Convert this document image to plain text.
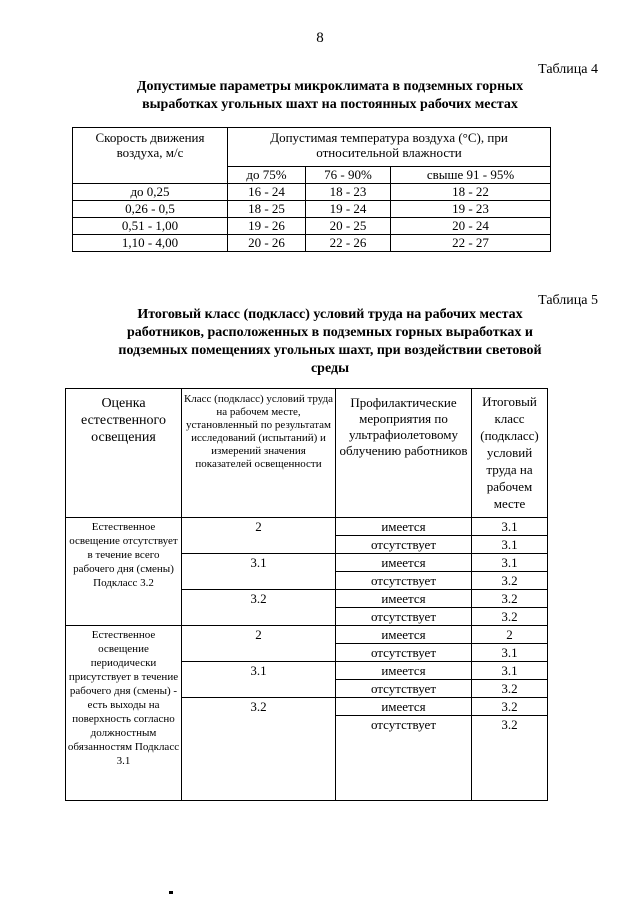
8
Таблица 4
Допустимые параметры микроклимата в подземных горных выработках угольных шахт на постоянных рабочих местах
Скорость движения воздуха, м/с	Допустимая температура воздуха (°С), при относительной влажности		
	до 75%	76 - 90%	свыше 91 - 95%
до 0,25	16 - 24	18 - 23	18 - 22
0,26 - 0,5	18 - 25	19 - 24	19 - 23
0,51 - 1,00	19 - 26	20 - 25	20 - 24
1,10 - 4,00	20 - 26	22 - 26	22 - 27
Таблица 5
Итоговый класс (подкласс) условий труда на рабочих местах работников, расположенных в подземных горных выработках и подземных помещениях угольных шахт, при воздействии световой среды
Оценка естественного освещения	Класс (подкласс) условий труда на рабочем месте, установленный по результатам исследований (испытаний) и измерений значения показателей освещенности	Профилактические мероприятия по ультрафиолетовому облучению работников	Итоговый класс (подкласс) условий труда на рабочем месте
Естественное освещение отсутствует в течение всего рабочего дня (смены) Подкласс 3.2	2	имеется	3.1
		отсутствует	3.1
	3.1	имеется	3.1
		отсутствует	3.2
	3.2	имеется	3.2
		отсутствует	3.2
Естественное освещение периодически присутствует в течение рабочего дня (смены) - есть выходы на поверхность согласно должностным обязанностям Подкласс 3.1	2	имеется	2
		отсутствует	3.1
	3.1	имеется	3.1
		отсутствует	3.2
	3.2	имеется	3.2
		отсутствует	3.2
